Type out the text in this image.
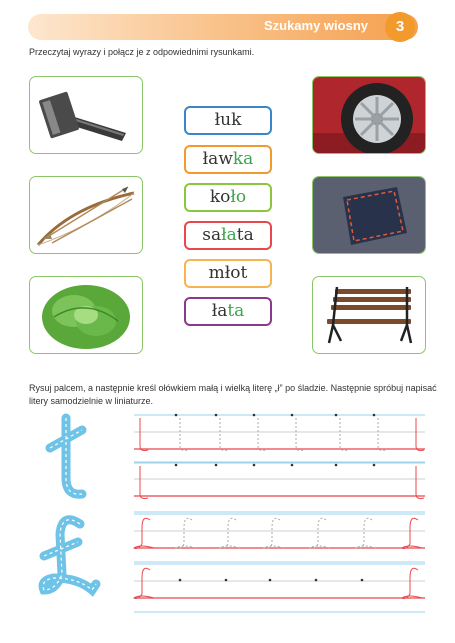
Szukamy wiosny	3
Przeczytaj wyrazy i połącz je z odpowiednimi rysunkami.
łuk
ławka
koło
sałata
młot
łata
Rysuj palcem, a następnie kreśl ołówkiem małą i wielką literę „ł” po śladzie. Następnie spróbuj napisać
litery samodzielnie w liniaturze.
